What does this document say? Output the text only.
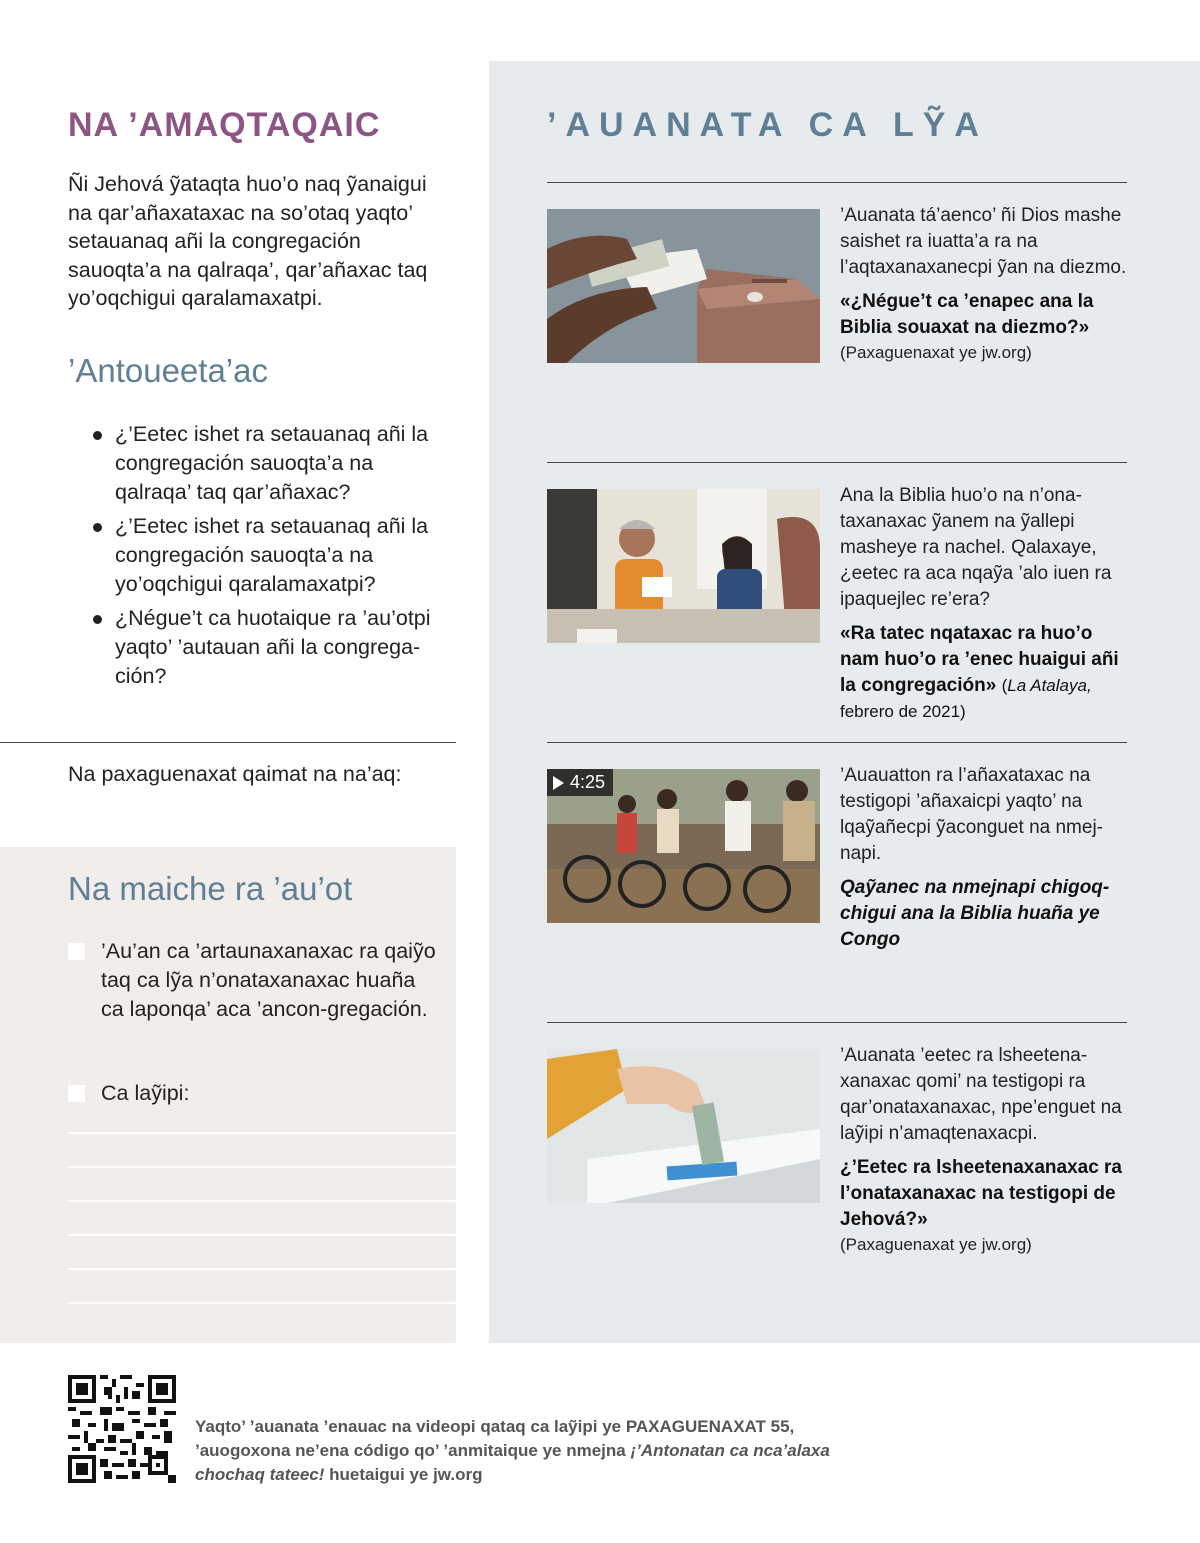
NA ’AMAQTAQAIC

Ñi Jehová ỹataqta huo’o naq ỹanaigui na qar’añaxataxac na so’otaq yaqto’ setauanaq añi la congregación sauoqta’a na qalraqa’, qar’añaxac taq yo’oqchigui qaralamaxatpi.

’Antoueeta’ac
¿’Eetec ishet ra setauanaq añi la congregación sauoqta’a na qalraqa’ taq qar’añaxac?
¿’Eetec ishet ra setauanaq añi la congregación sauoqta’a na yo’oqchigui qaralamaxatpi?
¿Négue’t ca huotaique ra ’au’otpi yaqto’ ’autauan añi la congrega-ción?

Na paxaguenaxat qaimat na na’aq:

Na maiche ra ’au’ot
’Au’an ca ’artaunaxanaxac ra qaiỹo taq ca lỹa n’onataxanaxac huaña ca laponqa’ aca ’ancon-gregación.
Ca laỹipi:
’AUANATA CA LỸA

’Auanata tá’aenco’ ñi Dios mashe saishet ra iuatta’a ra na l’aqtaxanaxanecpi ỹan na diezmo.

«¿Négue’t ca ’enapec ana la Biblia souaxat na diezmo?»

(Paxaguenaxat ye jw.org)

Ana la Biblia huo’o na n’ona-taxanaxac ỹanem na ỹallepi masheye ra nachel. Qalaxaye, ¿eetec ra aca nqaỹa ’alo iuen ra ipaquejlec re’era?

«Ra tatec nqataxac ra huo’o nam huo’o ra ’enec huaigui añi la congregación» (La Atalaya, febrero de 2021)

4:25	’Auauatton ra l’añaxataxac na testigopi ’añaxaicpi yaqto’ na lqaỹañecpi ỹaconguet na nmej-napi.

Qaỹanec na nmejnapi chigoq-chigui ana la Biblia huaña ye Congo

’Auanata ’eetec ra lsheetena-xanaxac qomi’ na testigopi ra qar’onataxanaxac, npe’enguet na laỹipi n’amaqtenaxacpi.

¿’Eetec ra lsheetenaxanaxac ra l’onataxanaxac na testigopi de Jehová?»

(Paxaguenaxat ye jw.org)

Yaqto’ ’auanata ’enauac na videopi qataq ca laỹipi ye PAXAGUENAXAT 55, ’auogoxona ne’ena código qo’ ’anmitaique ye nmejna ¡’Antonatan ca nca’alaxa chochaq tateec! huetaigui ye jw.org
